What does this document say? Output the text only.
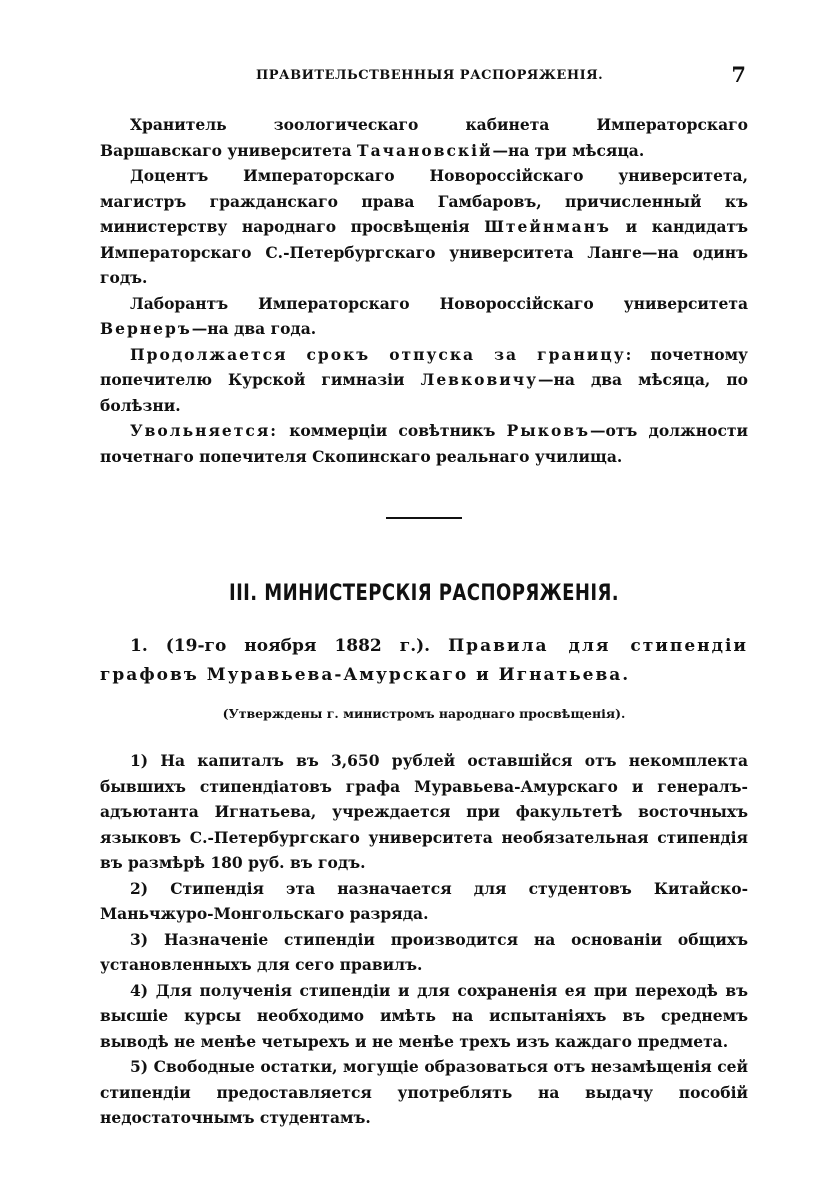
ПРАВИТЕЛЬСТВЕННЫЯ РАСПОРЯЖЕНІЯ.	7

Хранитель зоологическаго кабинета Императорскаго Варшавскаго университета Тачановскій—на три мѣсяца.

Доцентъ Императорскаго Новороссійскаго университета, магистръ гражданскаго права Гамбаровъ, причисленный къ министерству народнаго просвѣщенія Штейнманъ и кандидатъ Императорскаго С.-Петербургскаго университета Ланге—на одинъ годъ.

Лаборантъ Императорскаго Новороссійскаго университета Вернеръ—на два года.

Продолжается срокъ отпуска за границу: почетному попечителю Курской гимназіи Левковичу—на два мѣсяца, по болѣзни.

Увольняется: коммерціи совѣтникъ Рыковъ—отъ должности почетнаго попечителя Скопинскаго реальнаго училища.

III. МИНИСТЕРСКІЯ РАСПОРЯЖЕНІЯ.

1. (19-го ноября 1882 г.). Правила для стипендіи графовъ Муравьева-Амурскаго и Игнатьева.

(Утверждены г. министромъ народнаго просвѣщенія).

1) На капиталъ въ 3,650 рублей оставшійся отъ некомплекта бывшихъ стипендіатовъ графа Муравьева-Амурскаго и генералъ-адъютанта Игнатьева, учреждается при факультетѣ восточныхъ языковъ С.-Петербургскаго университета необязательная стипендія въ размѣрѣ 180 руб. въ годъ.

2) Стипендія эта назначается для студентовъ Китайско-Маньчжуро-Монгольскаго разряда.

3) Назначеніе стипендіи производится на основаніи общихъ установленныхъ для сего правилъ.

4) Для полученія стипендіи и для сохраненія ея при переходѣ въ высшіе курсы необходимо имѣть на испытаніяхъ въ среднемъ выводѣ не менѣе четырехъ и не менѣе трехъ изъ каждаго предмета.

5) Свободные остатки, могущіе образоваться отъ незамѣщенія сей стипендіи предоставляется употреблять на выдачу пособій недостаточнымъ студентамъ.
